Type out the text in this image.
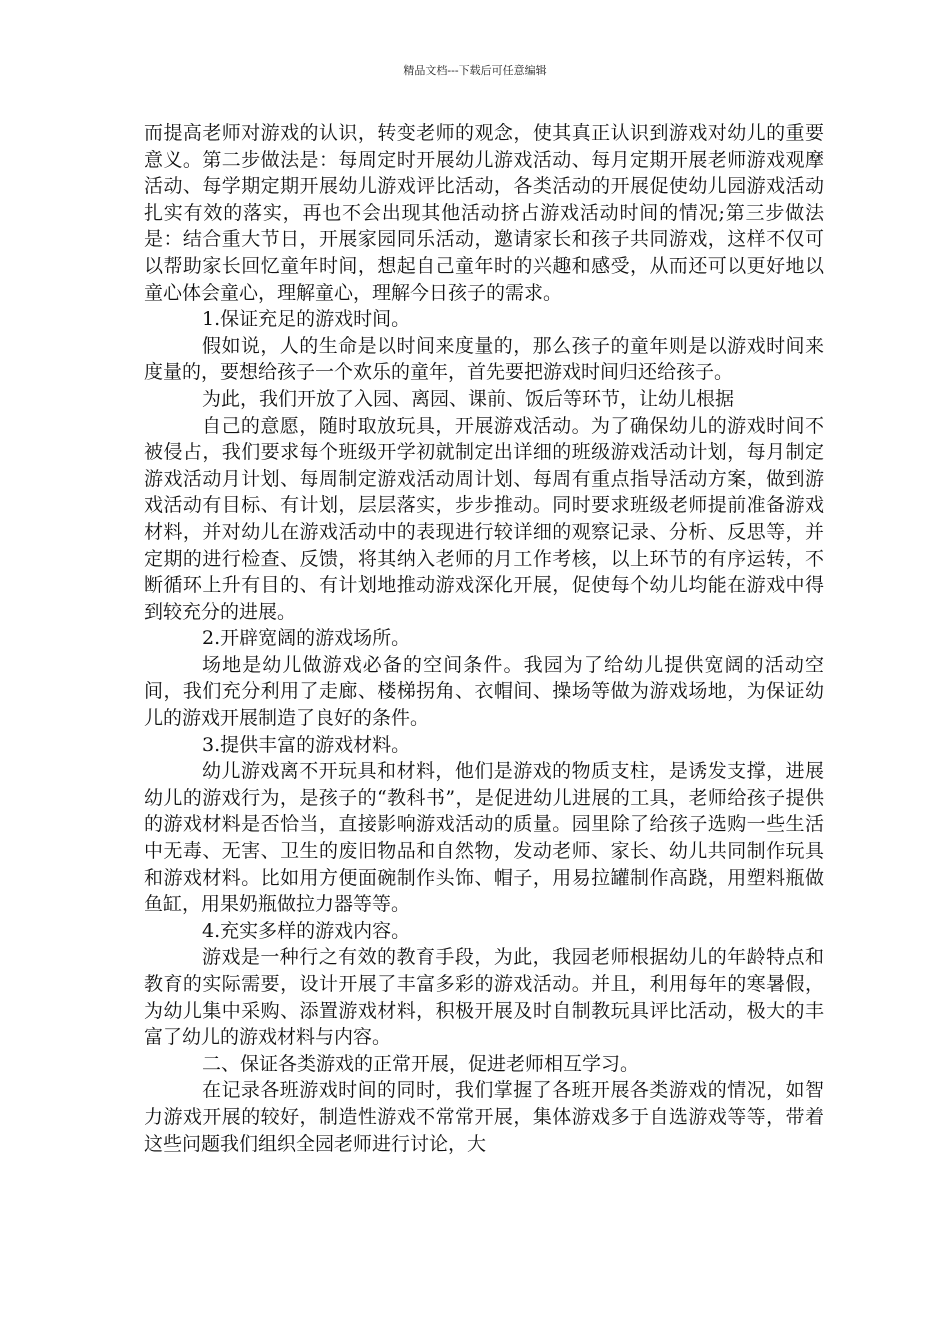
精品文档---下载后可任意编辑

而提高老师对游戏的认识，转变老师的观念，使其真正认识到游戏对幼儿的重要意义。第二步做法是：每周定时开展幼儿游戏活动、每月定期开展老师游戏观摩活动、每学期定期开展幼儿游戏评比活动，各类活动的开展促使幼儿园游戏活动扎实有效的落实，再也不会出现其他活动挤占游戏活动时间的情况;第三步做法是：结合重大节日，开展家园同乐活动，邀请家长和孩子共同游戏，这样不仅可以帮助家长回忆童年时间，想起自己童年时的兴趣和感受，从而还可以更好地以童心体会童心，理解童心，理解今日孩子的需求。

1.保证充足的游戏时间。

假如说，人的生命是以时间来度量的，那么孩子的童年则是以游戏时间来度量的，要想给孩子一个欢乐的童年，首先要把游戏时间归还给孩子。

为此，我们开放了入园、离园、课前、饭后等环节，让幼儿根据

自己的意愿，随时取放玩具，开展游戏活动。为了确保幼儿的游戏时间不被侵占，我们要求每个班级开学初就制定出详细的班级游戏活动计划，每月制定游戏活动月计划、每周制定游戏活动周计划、每周有重点指导活动方案，做到游戏活动有目标、有计划，层层落实，步步推动。同时要求班级老师提前准备游戏材料，并对幼儿在游戏活动中的表现进行较详细的观察记录、分析、反思等，并定期的进行检查、反馈，将其纳入老师的月工作考核，以上环节的有序运转，不断循环上升有目的、有计划地推动游戏深化开展，促使每个幼儿均能在游戏中得到较充分的进展。

2.开辟宽阔的游戏场所。

场地是幼儿做游戏必备的空间条件。我园为了给幼儿提供宽阔的活动空间，我们充分利用了走廊、楼梯拐角、衣帽间、操场等做为游戏场地，为保证幼儿的游戏开展制造了良好的条件。

3.提供丰富的游戏材料。

幼儿游戏离不开玩具和材料，他们是游戏的物质支柱，是诱发支撑，进展幼儿的游戏行为，是孩子的“教科书”，是促进幼儿进展的工具，老师给孩子提供的游戏材料是否恰当，直接影响游戏活动的质量。园里除了给孩子选购一些生活中无毒、无害、卫生的废旧物品和自然物，发动老师、家长、幼儿共同制作玩具和游戏材料。比如用方便面碗制作头饰、帽子，用易拉罐制作高跷，用塑料瓶做鱼缸，用果奶瓶做拉力器等等。

4.充实多样的游戏内容。

游戏是一种行之有效的教育手段，为此，我园老师根据幼儿的年龄特点和教育的实际需要，设计开展了丰富多彩的游戏活动。并且，利用每年的寒暑假，为幼儿集中采购、添置游戏材料，积极开展及时自制教玩具评比活动，极大的丰富了幼儿的游戏材料与内容。

二、保证各类游戏的正常开展，促进老师相互学习。

在记录各班游戏时间的同时，我们掌握了各班开展各类游戏的情况，如智力游戏开展的较好，制造性游戏不常常开展，集体游戏多于自选游戏等等，带着这些问题我们组织全园老师进行讨论，大
